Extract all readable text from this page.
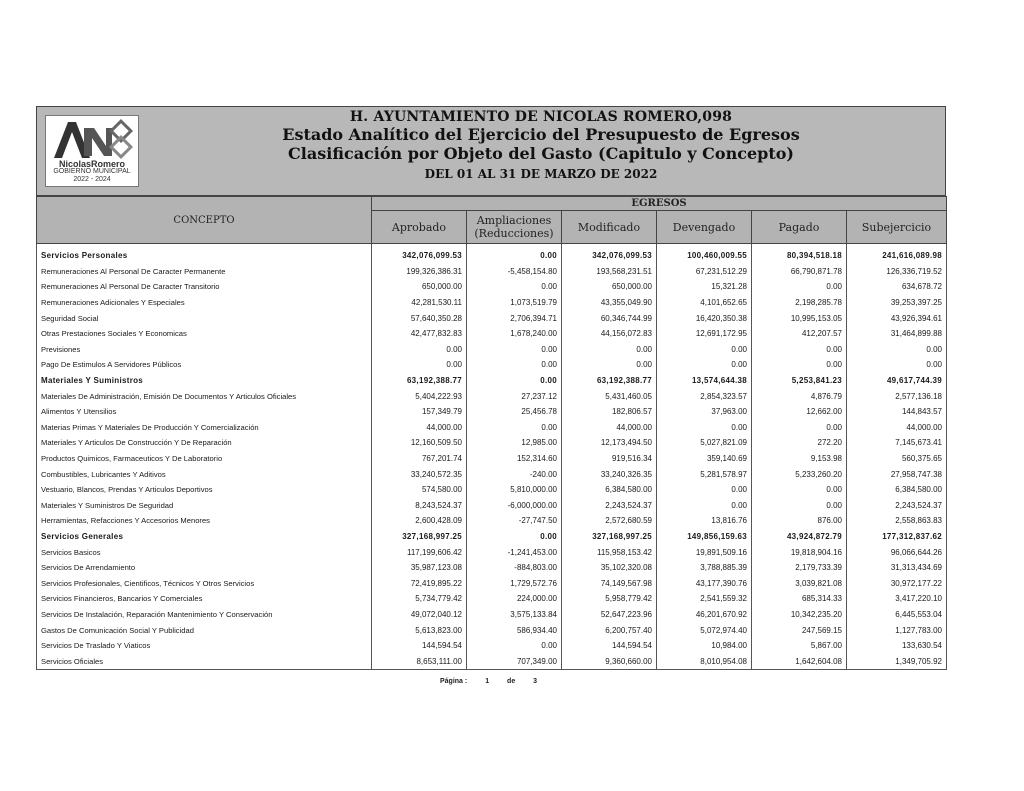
NicolasRomero
GOBIERNO MUNICIPAL
2022 - 2024
H. AYUNTAMIENTO DE NICOLAS ROMERO,098
Estado Analítico del Ejercicio del Presupuesto de Egresos
Clasificación por Objeto del Gasto (Capitulo y Concepto)
DEL 01 AL 31 DE MARZO DE 2022
CONCEPTO	EGRESOS					
	Aprobado	Ampliaciones (Reducciones)	Modificado	Devengado	Pagado	Subejercicio
Servicios Personales	342,076,099.53	0.00	342,076,099.53	100,460,009.55	80,394,518.18	241,616,089.98
Remuneraciones Al Personal De Caracter Permanente	199,326,386.31	-5,458,154.80	193,568,231.51	67,231,512.29	66,790,871.78	126,336,719.52
Remuneraciones Al Personal De Caracter Transitorio	650,000.00	0.00	650,000.00	15,321.28	0.00	634,678.72
Remuneraciones Adicionales Y Especiales	42,281,530.11	1,073,519.79	43,355,049.90	4,101,652.65	2,198,285.78	39,253,397.25
Seguridad Social	57,640,350.28	2,706,394.71	60,346,744.99	16,420,350.38	10,995,153.05	43,926,394.61
Otras Prestaciones Sociales Y Economicas	42,477,832.83	1,678,240.00	44,156,072.83	12,691,172.95	412,207.57	31,464,899.88
Previsiones	0.00	0.00	0.00	0.00	0.00	0.00
Pago De Estimulos A Servidores Públicos	0.00	0.00	0.00	0.00	0.00	0.00
Materiales Y Suministros	63,192,388.77	0.00	63,192,388.77	13,574,644.38	5,253,841.23	49,617,744.39
Materiales De Administración, Emisión De Documentos Y Articulos Oficiales	5,404,222.93	27,237.12	5,431,460.05	2,854,323.57	4,876.79	2,577,136.18
Alimentos Y Utensilios	157,349.79	25,456.78	182,806.57	37,963.00	12,662.00	144,843.57
Materias Primas Y Materiales De Producción Y Comercialización	44,000.00	0.00	44,000.00	0.00	0.00	44,000.00
Materiales Y Articulos De Construcción Y De Reparación	12,160,509.50	12,985.00	12,173,494.50	5,027,821.09	272.20	7,145,673.41
Productos Quimicos, Farmaceuticos Y De Laboratorio	767,201.74	152,314.60	919,516.34	359,140.69	9,153.98	560,375.65
Combustibles, Lubricantes Y Aditivos	33,240,572.35	-240.00	33,240,326.35	5,281,578.97	5,233,260.20	27,958,747.38
Vestuario, Blancos, Prendas Y Articulos Deportivos	574,580.00	5,810,000.00	6,384,580.00	0.00	0.00	6,384,580.00
Materiales Y Suministros De Seguridad	8,243,524.37	-6,000,000.00	2,243,524.37	0.00	0.00	2,243,524.37
Herramientas, Refacciones Y Accesorios Menores	2,600,428.09	-27,747.50	2,572,680.59	13,816.76	876.00	2,558,863.83
Servicios Generales	327,168,997.25	0.00	327,168,997.25	149,856,159.63	43,924,872.79	177,312,837.62
Servicios Basicos	117,199,606.42	-1,241,453.00	115,958,153.42	19,891,509.16	19,818,904.16	96,066,644.26
Servicios De Arrendamiento	35,987,123.08	-884,803.00	35,102,320.08	3,788,885.39	2,179,733.39	31,313,434.69
Servicios Profesionales, Cientificos, Técnicos Y Otros Servicios	72,419,895.22	1,729,572.76	74,149,567.98	43,177,390.76	3,039,821.08	30,972,177.22
Servicios Financieros, Bancarios Y Comerciales	5,734,779.42	224,000.00	5,958,779.42	2,541,559.32	685,314.33	3,417,220.10
Servicios De Instalación, Reparación Mantenimiento Y Conservación	49,072,040.12	3,575,133.84	52,647,223.96	46,201,670.92	10,342,235.20	6,445,553.04
Gastos De Comunicación Social Y Publicidad	5,613,823.00	586,934.40	6,200,757.40	5,072,974.40	247,569.15	1,127,783.00
Servicios De Traslado Y Viaticos	144,594.54	0.00	144,594.54	10,984.00	5,867.00	133,630.54
Servicios Oficiales	8,653,111.00	707,349.00	9,360,660.00	8,010,954.08	1,642,604.08	1,349,705.92
Página :	1	de	3
